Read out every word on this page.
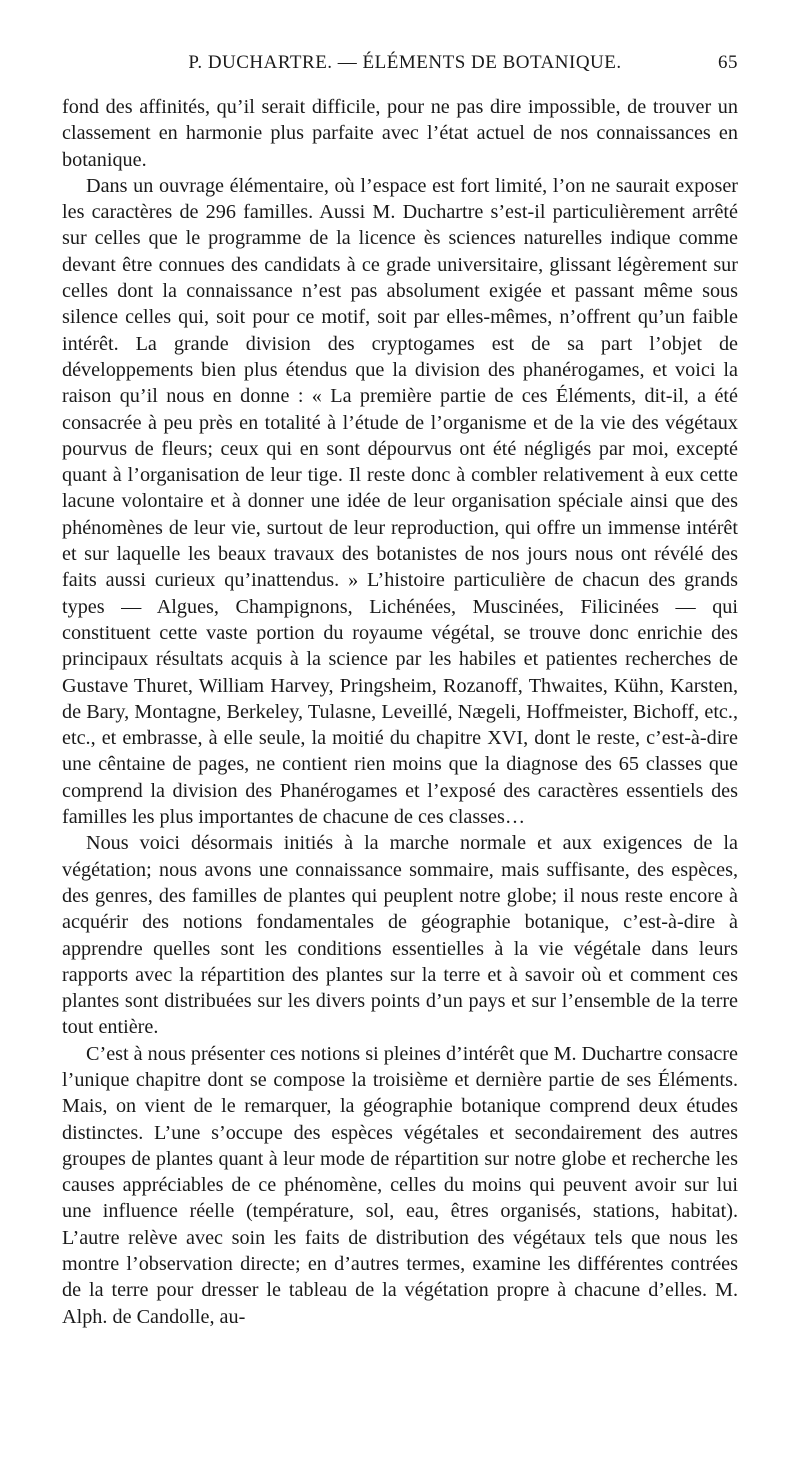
P. DUCHARTRE. — ÉLÉMENTS DE BOTANIQUE.	65

fond des affinités, qu’il serait difficile, pour ne pas dire impossible, de trouver un classement en harmonie plus parfaite avec l’état actuel de nos connaissances en botanique.

Dans un ouvrage élémentaire, où l’espace est fort limité, l’on ne saurait exposer les caractères de 296 familles. Aussi M. Duchartre s’est-il particulièrement arrêté sur celles que le programme de la licence ès sciences naturelles indique comme devant être connues des candidats à ce grade universitaire, glissant légèrement sur celles dont la connaissance n’est pas absolument exigée et passant même sous silence celles qui, soit pour ce motif, soit par elles-mêmes, n’offrent qu’un faible intérêt. La grande division des cryptogames est de sa part l’objet de développements bien plus étendus que la division des phanérogames, et voici la raison qu’il nous en donne : « La première partie de ces Éléments, dit-il, a été consacrée à peu près en totalité à l’étude de l’organisme et de la vie des végétaux pourvus de fleurs; ceux qui en sont dépourvus ont été négligés par moi, excepté quant à l’organisation de leur tige. Il reste donc à combler relativement à eux cette lacune volontaire et à donner une idée de leur organisation spéciale ainsi que des phénomènes de leur vie, surtout de leur reproduction, qui offre un immense intérêt et sur laquelle les beaux travaux des botanistes de nos jours nous ont révélé des faits aussi curieux qu’inattendus. » L’histoire particulière de chacun des grands types — Algues, Champignons, Lichénées, Muscinées, Filicinées — qui constituent cette vaste portion du royaume végétal, se trouve donc enrichie des principaux résultats acquis à la science par les habiles et patientes recherches de Gustave Thuret, William Harvey, Pringsheim, Rozanoff, Thwaites, Kühn, Karsten, de Bary, Montagne, Berkeley, Tulasne, Leveillé, Nægeli, Hoffmeister, Bichoff, etc., etc., et embrasse, à elle seule, la moitié du chapitre XVI, dont le reste, c’est-à-dire une cêntaine de pages, ne contient rien moins que la diagnose des 65 classes que comprend la division des Phanérogames et l’exposé des caractères essentiels des familles les plus importantes de chacune de ces classes…

Nous voici désormais initiés à la marche normale et aux exigences de la végétation; nous avons une connaissance sommaire, mais suffisante, des espèces, des genres, des familles de plantes qui peuplent notre globe; il nous reste encore à acquérir des notions fondamentales de géographie botanique, c’est-à-dire à apprendre quelles sont les conditions essentielles à la vie végétale dans leurs rapports avec la répartition des plantes sur la terre et à savoir où et comment ces plantes sont distribuées sur les divers points d’un pays et sur l’ensemble de la terre tout entière.

C’est à nous présenter ces notions si pleines d’intérêt que M. Duchartre consacre l’unique chapitre dont se compose la troisième et dernière partie de ses Éléments. Mais, on vient de le remarquer, la géographie botanique comprend deux études distinctes. L’une s’occupe des espèces végétales et secondairement des autres groupes de plantes quant à leur mode de répartition sur notre globe et recherche les causes appréciables de ce phénomène, celles du moins qui peuvent avoir sur lui une influence réelle (température, sol, eau, êtres organisés, stations, habitat). L’autre relève avec soin les faits de distribution des végétaux tels que nous les montre l’observation directe; en d’autres termes, examine les différentes contrées de la terre pour dresser le tableau de la végétation propre à chacune d’elles. M. Alph. de Candolle, au-
